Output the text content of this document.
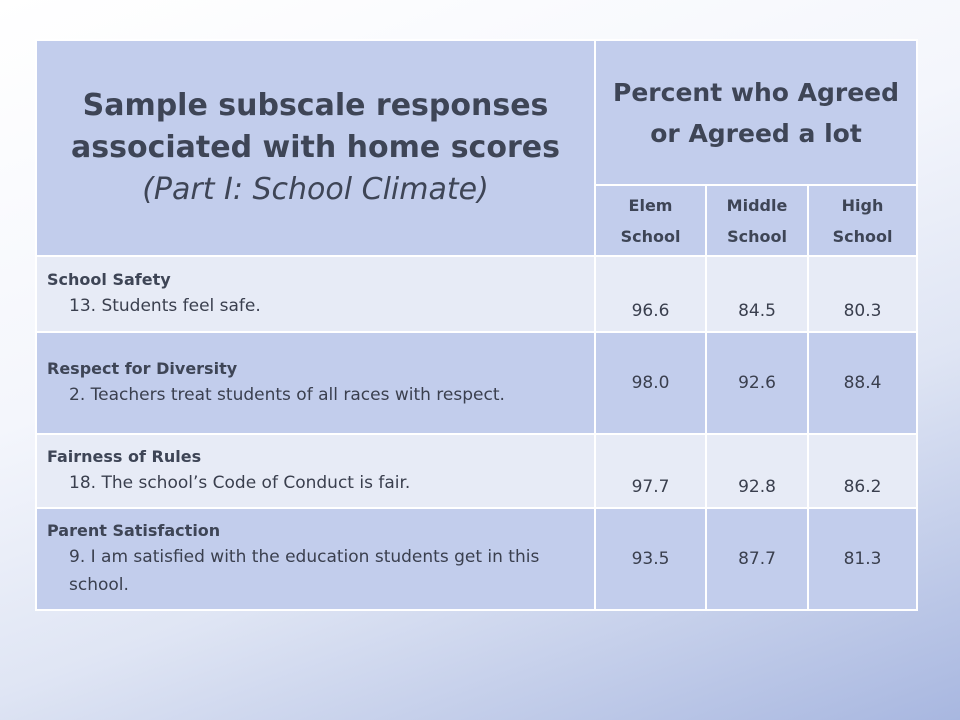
Sample subscale responses associated with home scores
(Part I: School Climate)	Percent who Agreed or Agreed a lot		
	Elem School	Middle School	High School

School Safety
13. Students feel safe.	96.6	84.5	80.3

Respect for Diversity
2. Teachers treat students of all races with respect.	98.0	92.6	88.4

Fairness of Rules
18. The school’s Code of Conduct is fair.	97.7	92.8	86.2

Parent Satisfaction
9. I am satisfied with the education students get in this school.	93.5	87.7	81.3
